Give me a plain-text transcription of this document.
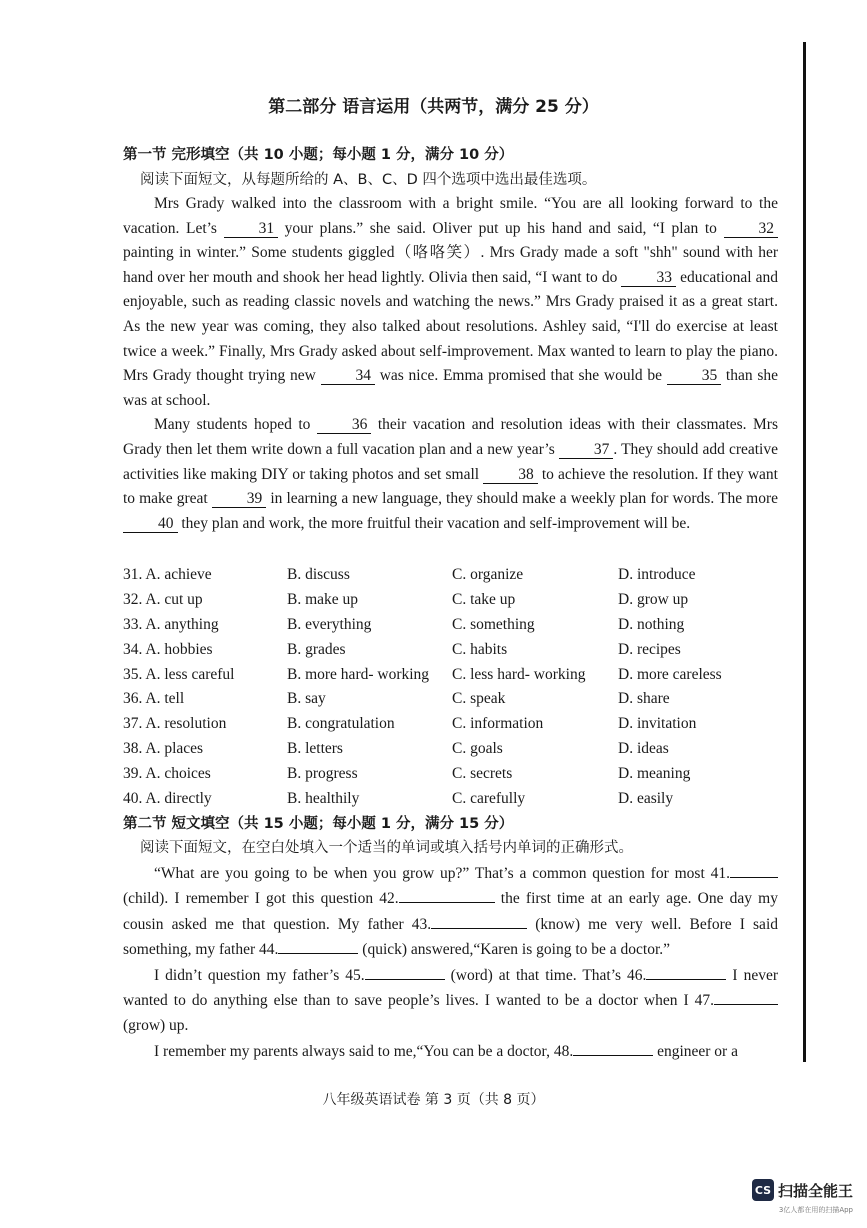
第二部分 语言运用（共两节，满分 25 分）
第一节 完形填空（共 10 小题；每小题 1 分，满分 10 分）
阅读下面短文，从每题所给的 A、B、C、D 四个选项中选出最佳选项。

Mrs Grady walked into the classroom with a bright smile. “You are all looking forward to the vacation. Let’s 31 your plans.” she said. Oliver put up his hand and said, “I plan to 32 painting in winter.” Some students giggled（咯咯笑）. Mrs Grady made a soft "shh" sound with her hand over her mouth and shook her head lightly. Olivia then said, “I want to do 33 educational and enjoyable, such as reading classic novels and watching the news.” Mrs Grady praised it as a great start. As the new year was coming, they also talked about resolutions. Ashley said, “I'll do exercise at least twice a week.” Finally, Mrs Grady asked about self-improvement. Max wanted to learn to play the piano. Mrs Grady thought trying new 34 was nice. Emma promised that she would be 35 than she was at school.

Many students hoped to 36 their vacation and resolution ideas with their classmates. Mrs Grady then let them write down a full vacation plan and a new year’s 37 . They should add creative activities like making DIY or taking photos and set small 38 to achieve the resolution. If they want to make great 39 in learning a new language, they should make a weekly plan for words. The more 40 they plan and work, the more fruitful their vacation and self-improvement will be.

31. A. achieve	B. discuss	C. organize	D. introduce
32. A. cut up	B. make up	C. take up	D. grow up
33. A. anything	B. everything	C. something	D. nothing
34. A. hobbies	B. grades	C. habits	D. recipes
35. A. less careful	B. more hard- working	C. less hard- working	D. more careless
36. A. tell	B. say	C. speak	D. share
37. A. resolution	B. congratulation	C. information	D. invitation
38. A. places	B. letters	C. goals	D. ideas
39. A. choices	B. progress	C. secrets	D. meaning
40. A. directly	B. healthily	C. carefully	D. easily
第二节 短文填空（共 15 小题；每小题 1 分，满分 15 分）
阅读下面短文，在空白处填入一个适当的单词或填入括号内单词的正确形式。

“What are you going to be when you grow up?” That’s a common question for most 41. (child). I remember I got this question 42.	the first time at an early age. One day my cousin asked me that question. My father 43.	(know) me very well. Before I said something, my father 44.	(quick) answered,“Karen is going to be a doctor.”

I didn’t question my father’s 45.	(word) at that time. That’s 46.	I never wanted to do anything else than to save people’s lives. I wanted to be a doctor when I 47. (grow) up.

I remember my parents always said to me,“You can be a doctor, 48.	engineer or a

八年级英语试卷 第 3 页（共 8 页）
CS 扫描全能王
3亿人都在用的扫描App
